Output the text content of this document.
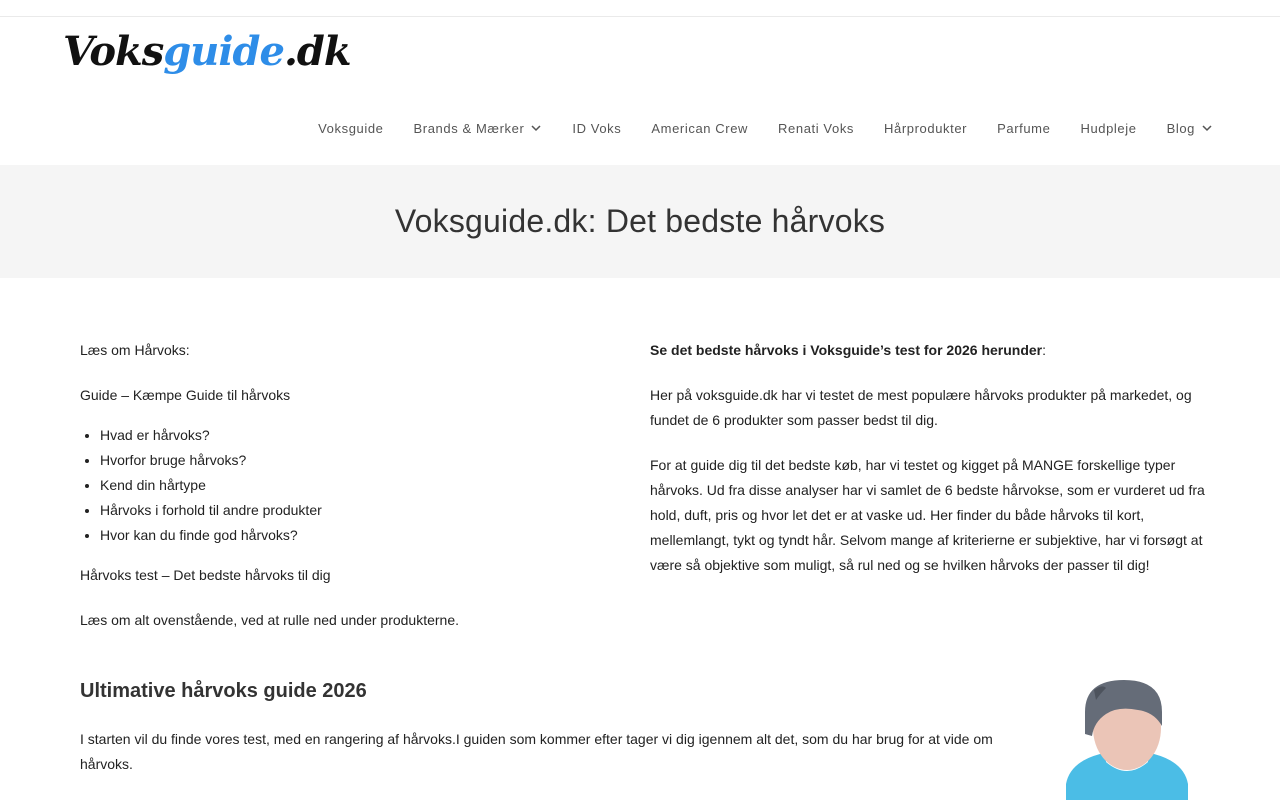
Voks guide .dk
Voksguide Brands & Mærker	ID Voks American Crew Renati Voks Hårprodukter Parfume Hudpleje Blog
Voksguide.dk: Det bedste hårvoks

Læs om Hårvoks:

Guide – Kæmpe Guide til hårvoks

• Hvad er hårvoks?
• Hvorfor bruge hårvoks?
• Kend din hårtype
• Hårvoks i forhold til andre produkter
• Hvor kan du finde god hårvoks?

Hårvoks test – Det bedste hårvoks til dig

Læs om alt ovenstående, ved at rulle ned under produkterne.

Se det bedste hårvoks i Voksguide’s test for 2026 herunder:

Her på voksguide.dk har vi testet de mest populære hårvoks produkter på markedet, og fundet de 6 produkter som passer bedst til dig.

For at guide dig til det bedste køb, har vi testet og kigget på MANGE forskellige typer hårvoks. Ud fra disse analyser har vi samlet de 6 bedste hårvokse, som er vurderet ud fra hold, duft, pris og hvor let det er at vaske ud. Her finder du både hårvoks til kort, mellemlangt, tykt og tyndt hår. Selvom mange af kriterierne er subjektive, har vi forsøgt at være så objektive som muligt, så rul ned og se hvilken hårvoks der passer til dig!

Ultimative hårvoks guide 2026

I starten vil du finde vores test, med en rangering af hårvoks.I guiden som kommer efter tager vi dig igennem alt det, som du har brug for at vide om hårvoks.
